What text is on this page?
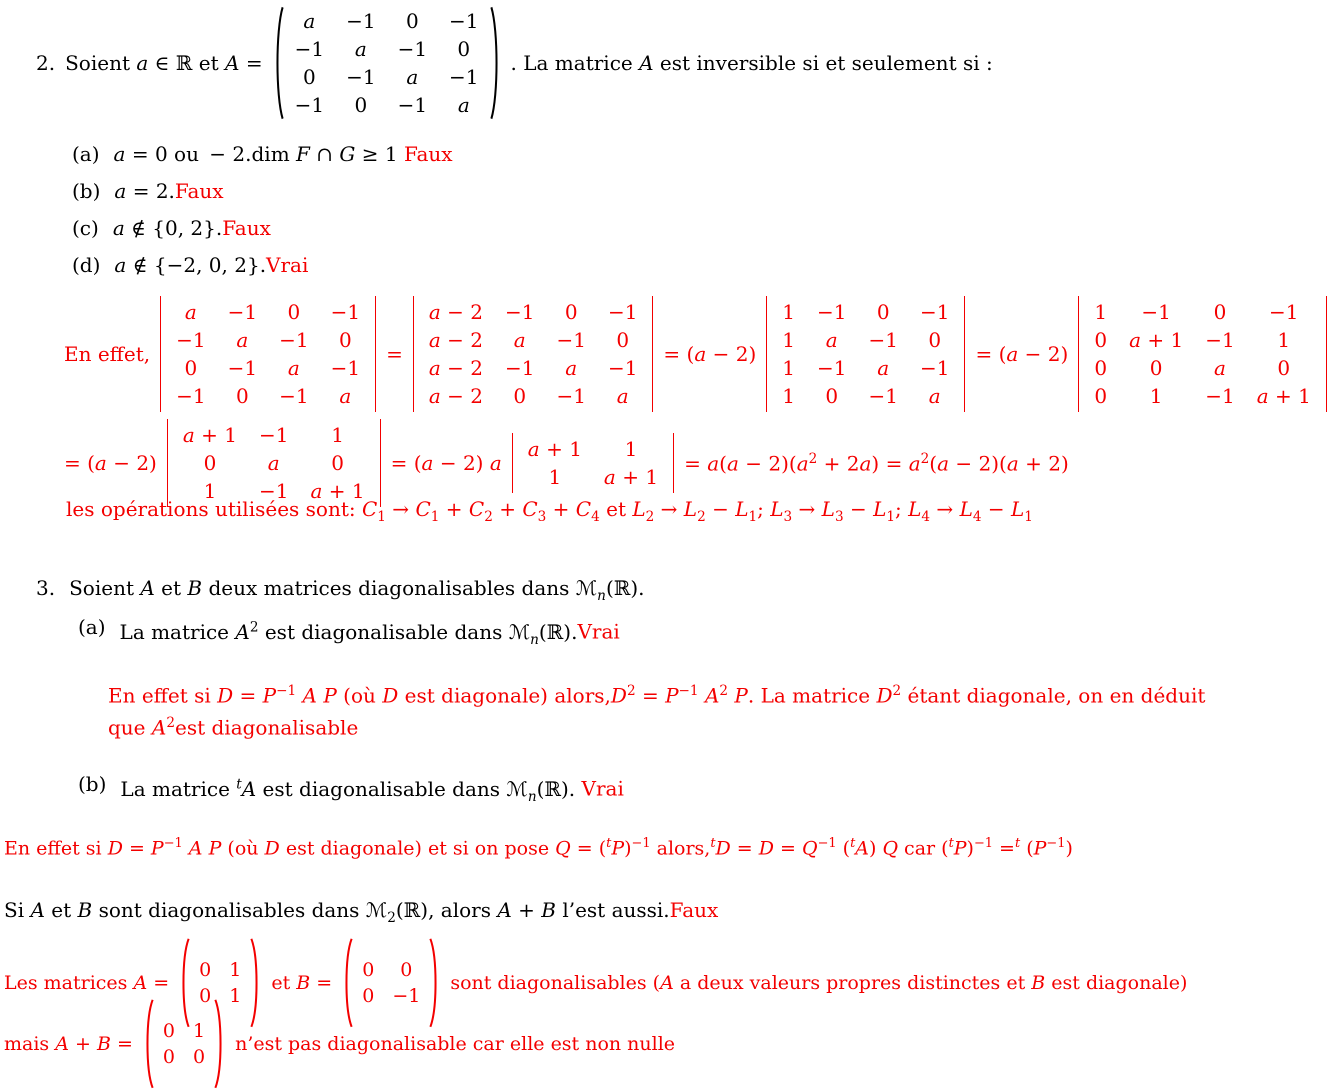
2. Soient a ∈ ℝ et A =
a	−1	0	−1
−1	a	−1	0
0	−1	a	−1
−1	0	−1	a
. La matrice A est inversible si et seulement si :
(a) a = 0 ou  − 2.dim F ∩ G ≥ 1 Faux
(b) a = 2.Faux
(c) a ∉ {0, 2}.Faux
(d) a ∉ {−2, 0, 2}.Vrai
En effet,
a	−1	0	−1
−1	a	−1	0
0	−1	a	−1
−1	0	−1	a
=
a − 2	−1	0	−1
a − 2	a	−1	0
a − 2	−1	a	−1
a − 2	0	−1	a
= (a − 2)
1	−1	0	−1
1	a	−1	0
1	−1	a	−1
1	0	−1	a
= (a − 2)
1	−1	0	−1
0	a + 1	−1	1
0	0	a	0
0	1	−1	a + 1
= (a − 2)
a + 1	−1	1
0	a	0
1	−1	a + 1
= (a − 2) a
a + 1	1
1	a + 1
= $a(a - 2)(a^2 + 2a) = a^2(a - 2)(a + 2)$
les opérations utilisées sont: $C_1 \to C_1 + C_2 + C_3 + C_4$ et $L_2 \to L_2 - L_1$; $L_3 \to L_3 - L_1$; $L_4 \to L_4 - L_1$
3. Soient A et B deux matrices diagonalisables dans ℳ$_n$(ℝ).
(a) La matrice $A^2$ est diagonalisable dans ℳ$_n$(ℝ).Vrai
En effet si $D = P^{-1}$ A P (où D est diagonale) $alors,D^2 = P^{-1}$ $A^2$ P. La matrice $D^2$ étant diagonale, on en déduit
que $A^2est$ diagonalisable
(b) La matrice $^t$A est diagonalisable dans ℳ$_n$(ℝ). Vrai
En effet si $D = P^{-1}$ A P (où D est diagonale) et si on pose $Q = (^tP)^{-1}$ alors,$^t$D = $D = Q^{-1}$ ($^t$A) Q car $(^tP)^{-1} =^t$ $(P^{-1})$
Si A et B sont diagonalisables dans ℳ$_2$(ℝ), alors A + B l’est aussi.Faux
Les matrices A =
0 1
0 1
et B =
0	0
0 −1
sont diagonalisables (A a deux valeurs propres distinctes et B est diagonale)
mais A + B =
0 1
0 0
n’est pas diagonalisable car elle est non nulle
